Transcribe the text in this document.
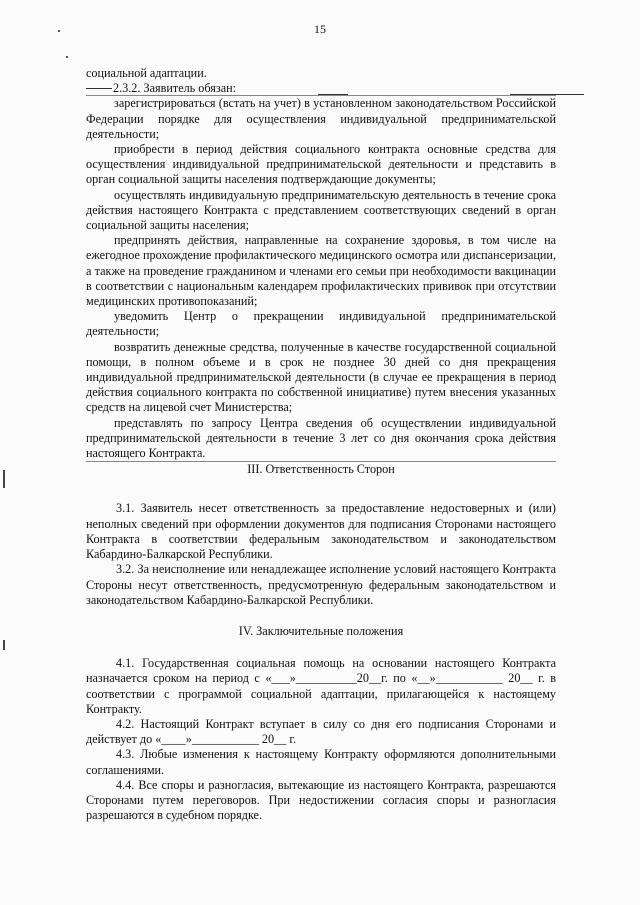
15

социальной адаптации.

2.3.2. Заявитель обязан:

зарегистрироваться (встать на учет) в установленном законодательством Российской Федерации порядке для осуществления индивидуальной предпринимательской деятельности;

приобрести в период действия социального контракта основные средства для осуществления индивидуальной предпринимательской деятельности и представить в орган социальной защиты населения подтверждающие документы;

осуществлять индивидуальную предпринимательскую деятельность в течение срока действия настоящего Контракта с представлением соответствующих сведений в орган социальной защиты населения;

предпринять действия, направленные на сохранение здоровья, в том числе на ежегодное прохождение профилактического медицинского осмотра или диспансеризации, а также на проведение гражданином и членами его семьи при необходимости вакцинации в соответствии с национальным календарем профилактических прививок при отсутствии медицинских противопоказаний;

уведомить Центр о прекращении индивидуальной предпринимательской деятельности;

возвратить денежные средства, полученные в качестве государственной социальной помощи, в полном объеме и в срок не позднее 30 дней со дня прекращения индивидуальной предпринимательской деятельности (в случае ее прекращения в период действия социального контракта по собственной инициативе) путем внесения указанных средств на лицевой счет Министерства;

представлять по запросу Центра сведения об осуществлении индивидуальной предпринимательской деятельности в течение 3 лет со дня окончания срока действия настоящего Контракта.

III. Ответственность Сторон

3.1. Заявитель несет ответственность за предоставление недостоверных и (или) неполных сведений при оформлении документов для подписания Сторонами настоящего Контракта в соответствии федеральным законодательством и законодательством Кабардино-Балкарской Республики.

3.2. За неисполнение или ненадлежащее исполнение условий настоящего Контракта Стороны несут ответственность, предусмотренную федеральным законодательством и законодательством Кабардино-Балкарской Республики.

IV. Заключительные положения

4.1. Государственная социальная помощь на основании настоящего Контракта назначается сроком на период с «___»__________20__г. по «__»___________ 20__ г. в соответствии с программой социальной адаптации, прилагающейся к настоящему Контракту.

4.2. Настоящий Контракт вступает в силу со дня его подписания Сторонами и действует до «____»___________ 20__ г.

4.3. Любые изменения к настоящему Контракту оформляются дополнительными соглашениями.

4.4. Все споры и разногласия, вытекающие из настоящего Контракта, разрешаются Сторонами путем переговоров. При недостижении согласия споры и разногласия разрешаются в судебном порядке.
